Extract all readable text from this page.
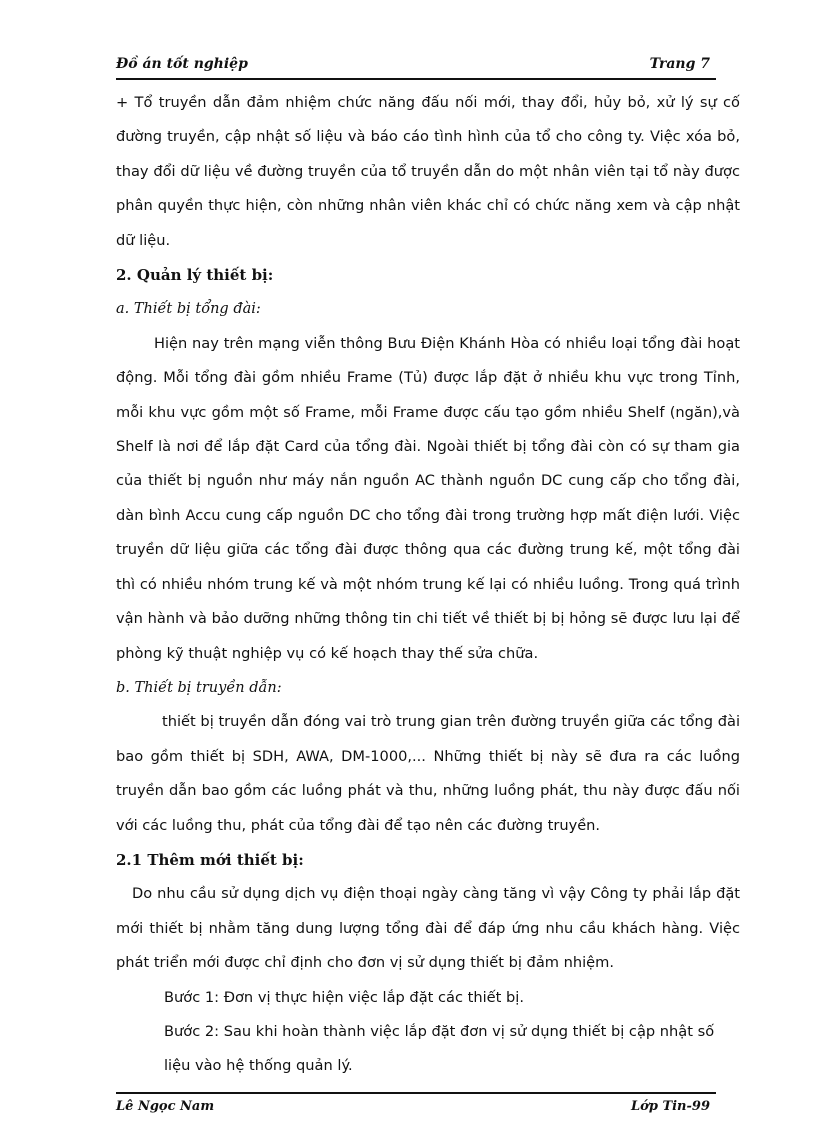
Đồ án tốt nghiệp	Trang 7

+ Tổ truyền dẫn đảm nhiệm chức năng đấu nối mới, thay đổi, hủy bỏ, xử lý sự cố đường truyền, cập nhật số liệu và báo cáo tình hình của tổ cho công ty. Việc xóa bỏ, thay đổi dữ liệu về đường truyền của tổ truyền dẫn do một nhân viên tại tổ này được phân quyền thực hiện, còn những nhân viên khác chỉ có chức năng xem và cập nhật dữ liệu.

2. Quản lý thiết bị:

a. Thiết bị tổng đài:

Hiện nay trên mạng viễn thông Bưu Điện Khánh Hòa có nhiều loại tổng đài hoạt động. Mỗi tổng đài gồm nhiều Frame (Tủ) được lắp đặt ở nhiều khu vực trong Tỉnh, mỗi khu vực gồm một số Frame, mỗi Frame được cấu tạo gồm nhiều Shelf (ngăn),và Shelf là nơi để lắp đặt Card của tổng đài. Ngoài thiết bị tổng đài còn có sự tham gia của thiết bị nguồn như máy nắn nguồn AC thành nguồn DC cung cấp cho tổng đài, dàn bình Accu cung cấp nguồn DC cho tổng đài trong trường hợp mất điện lưới. Việc truyền dữ liệu giữa các tổng đài được thông qua các đường trung kế, một tổng đài thì có nhiều nhóm trung kế và một nhóm trung kế lại có nhiều luồng. Trong quá trình vận hành và bảo dưỡng những thông tin chi tiết về thiết bị bị hỏng sẽ được lưu lại để phòng kỹ thuật nghiệp vụ có kế hoạch thay thế sửa chữa.

b. Thiết bị truyền dẫn:

thiết bị truyền dẫn đóng vai trò trung gian trên đường truyền giữa các tổng đài bao gồm thiết bị SDH, AWA, DM-1000,... Những thiết bị này sẽ đưa ra các luồng truyền dẫn bao gồm các luồng phát và thu, những luồng phát, thu này được đấu nối với các luồng thu, phát của tổng đài để tạo nên các đường truyền.

2.1 Thêm mới thiết bị:

Do nhu cầu sử dụng dịch vụ điện thoại ngày càng tăng vì vậy Công ty phải lắp đặt mới thiết bị nhằm tăng dung lượng tổng đài để đáp ứng nhu cầu khách hàng. Việc phát triển mới được chỉ định cho đơn vị sử dụng thiết bị đảm nhiệm.

Bước 1: Đơn vị thực hiện việc lắp đặt các thiết bị.

Bước 2: Sau khi hoàn thành việc lắp đặt đơn vị sử dụng thiết bị cập nhật số liệu vào hệ thống quản lý.

Lê Ngọc Nam	Lớp Tin-99
